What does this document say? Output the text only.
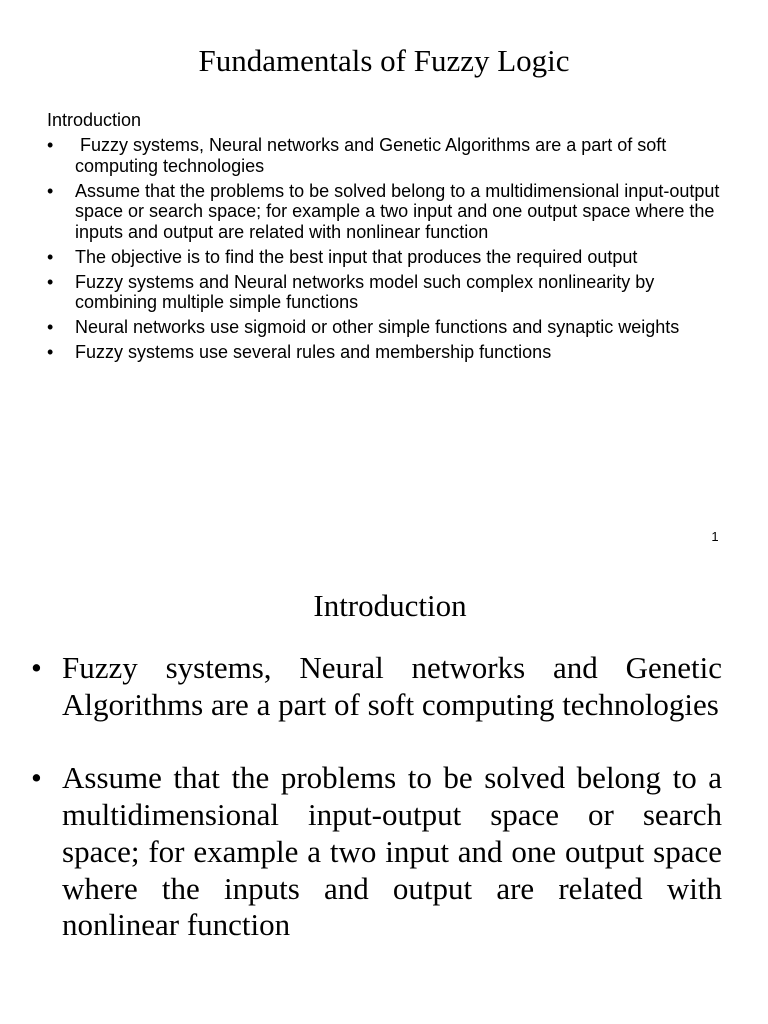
Fundamentals of Fuzzy Logic
Introduction
• Fuzzy systems, Neural networks and Genetic Algorithms are a part of soft computing technologies
• Assume that the problems to be solved belong to a multidimensional input-output space or search space; for example a two input and one output space where the inputs and output are related with nonlinear function
• The objective is to find the best input that produces the required output
• Fuzzy systems and Neural networks model such complex nonlinearity by combining multiple simple functions
• Neural networks use sigmoid or other simple functions and synaptic weights
• Fuzzy systems use several rules and membership functions
1
Introduction
• Fuzzy systems, Neural networks and Genetic Algorithms are a part of soft computing technologies
• Assume that the problems to be solved belong to a multidimensional input-output space or search space; for example a two input and one output space where the inputs and output are related with nonlinear function
